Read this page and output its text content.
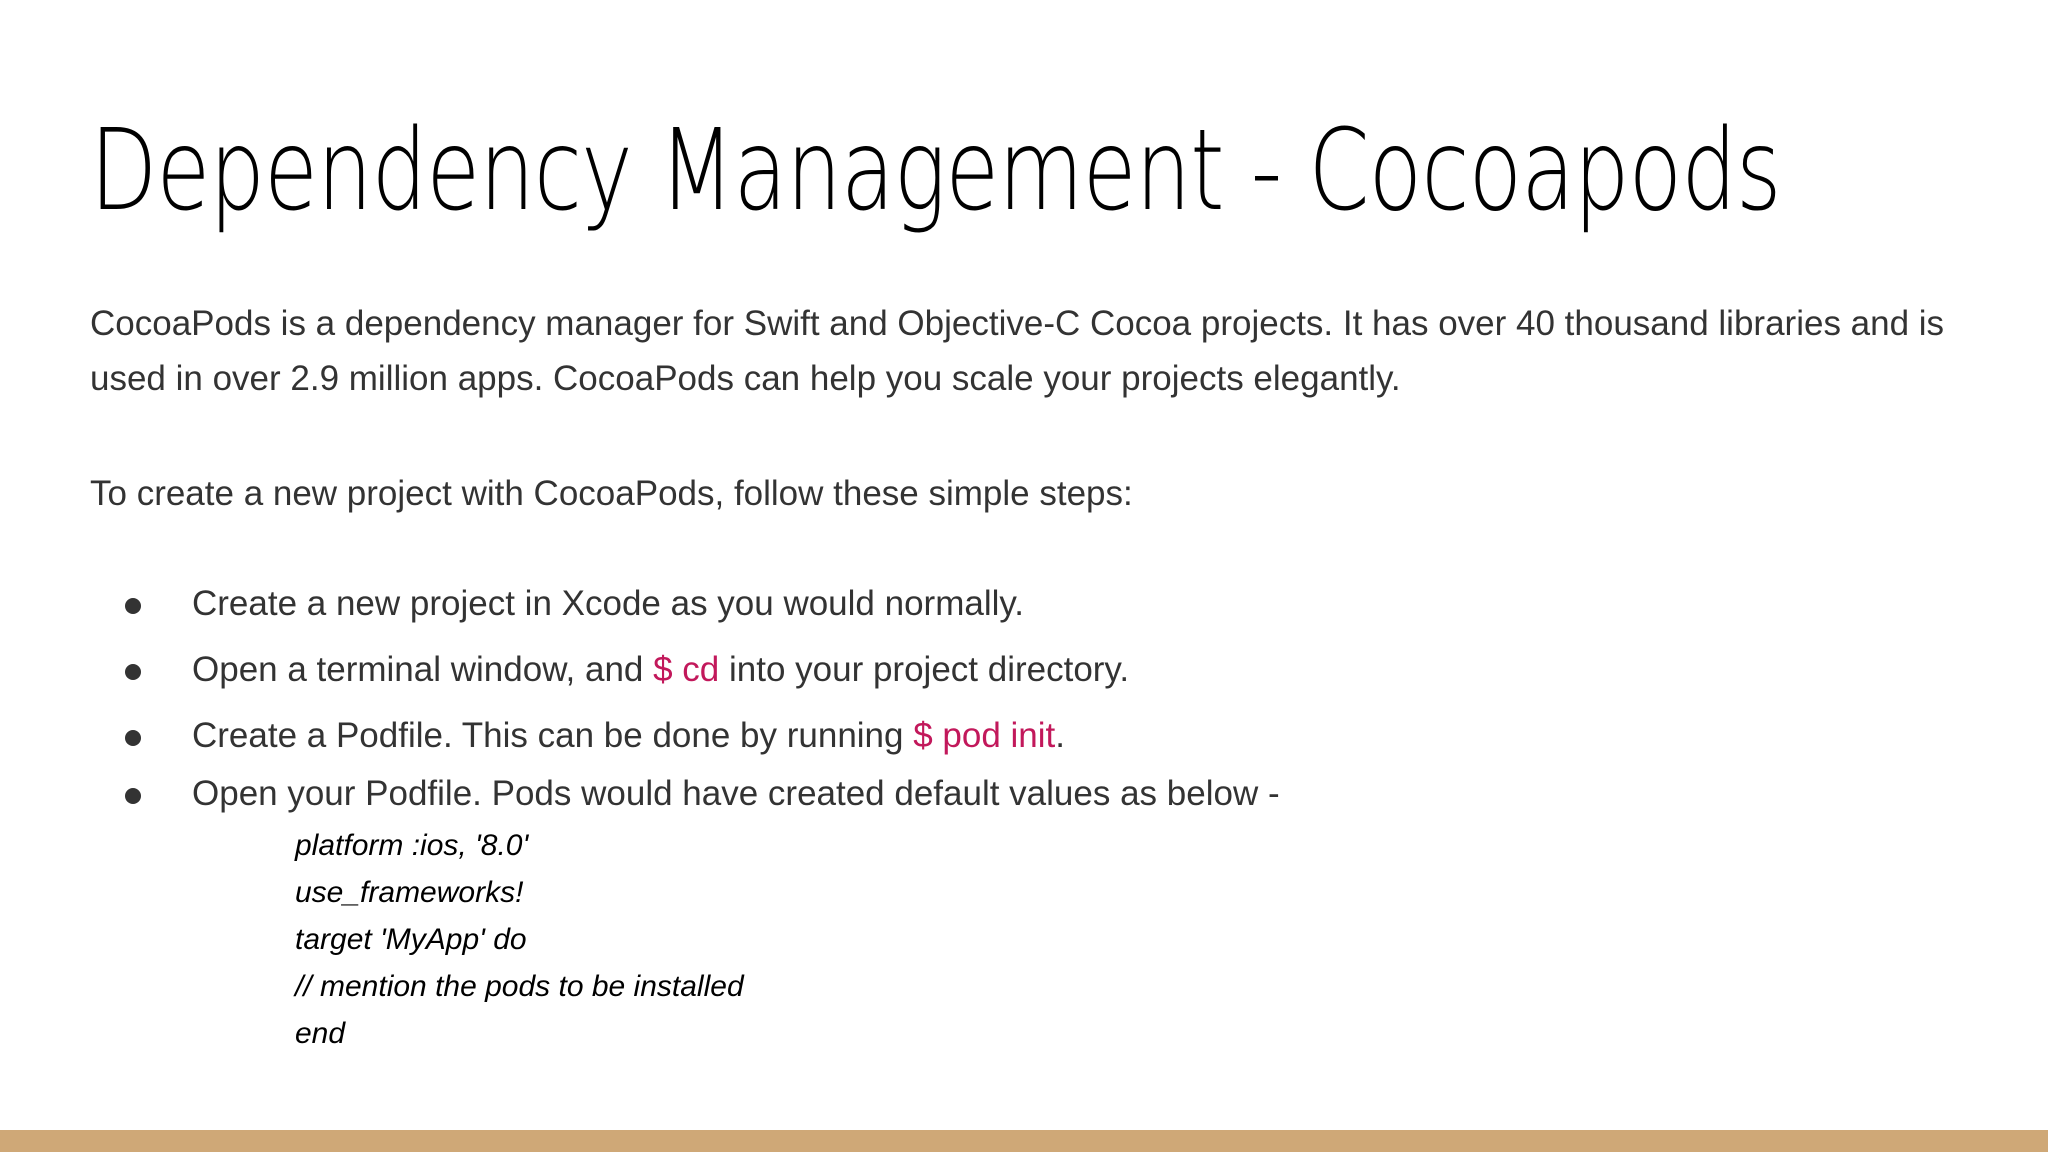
Dependency Management - Cocoapods

CocoaPods is a dependency manager for Swift and Objective-C Cocoa projects. It has over 40 thousand libraries and is used in over 2.9 million apps. CocoaPods can help you scale your projects elegantly.

To create a new project with CocoaPods, follow these simple steps:

Create a new project in Xcode as you would normally.
Open a terminal window, and $ cd into your project directory.
Create a Podfile. This can be done by running $ pod init.
Open your Podfile. Pods would have created default values as below -
platform :ios, '8.0'
use_frameworks!
target 'MyApp' do
// mention the pods to be installed
end
